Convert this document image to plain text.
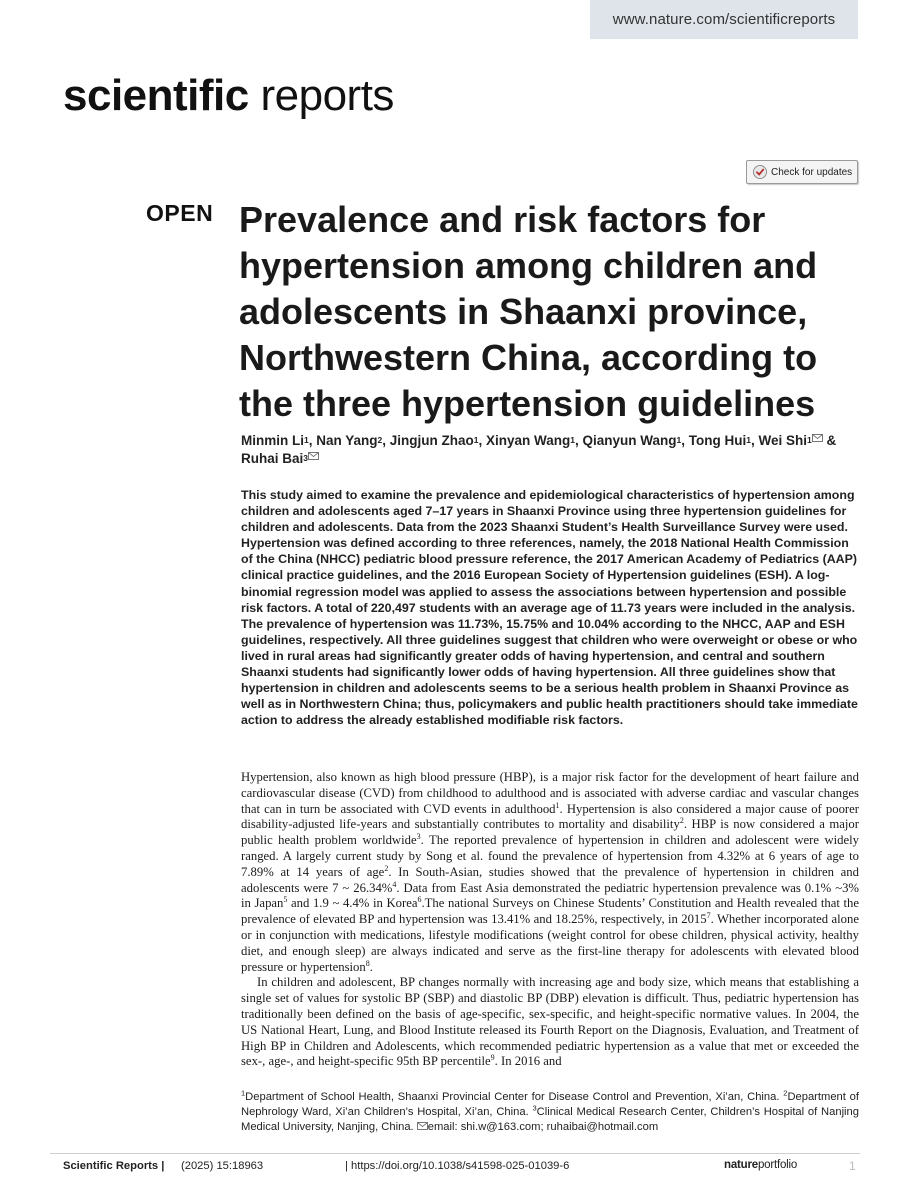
www.nature.com/scientificreports
scientific reports
Check for updates
OPEN Prevalence and risk factors for hypertension among children and adolescents in Shaanxi province, Northwestern China, according to the three hypertension guidelines
Minmin Li$^1$, Nan Yang$^2$, Jingjun Zhao$^1$, Xinyan Wang$^1$, Qianyun Wang$^1$, Tong Hui$^1$, Wei Shi$^1$ & Ruhai Bai$^3$

This study aimed to examine the prevalence and epidemiological characteristics of hypertension among children and adolescents aged 7–17 years in Shaanxi Province using three hypertension guidelines for children and adolescents. Data from the 2023 Shaanxi Student’s Health Surveillance Survey were used. Hypertension was defined according to three references, namely, the 2018 National Health Commission of the China (NHCC) pediatric blood pressure reference, the 2017 American Academy of Pediatrics (AAP) clinical practice guidelines, and the 2016 European Society of Hypertension guidelines (ESH). A log-binomial regression model was applied to assess the associations between hypertension and possible risk factors. A total of 220,497 students with an average age of 11.73 years were included in the analysis. The prevalence of hypertension was 11.73%, 15.75% and 10.04% according to the NHCC, AAP and ESH guidelines, respectively. All three guidelines suggest that children who were overweight or obese or who lived in rural areas had significantly greater odds of having hypertension, and central and southern Shaanxi students had significantly lower odds of having hypertension. All three guidelines show that hypertension in children and adolescents seems to be a serious health problem in Shaanxi Province as well as in Northwestern China; thus, policymakers and public health practitioners should take immediate action to address the already established modifiable risk factors.

Hypertension, also known as high blood pressure (HBP), is a major risk factor for the development of heart failure and cardiovascular disease (CVD) from childhood to adulthood and is associated with adverse cardiac and vascular changes that can in turn be associated with CVD events in adulthood$^1$. Hypertension is also considered a major cause of poorer disability-adjusted life-years and substantially contributes to mortality and disability$^2$. HBP is now considered a major public health problem worldwide$^3$. The reported prevalence of hypertension in children and adolescent were widely ranged. A largely current study by Song et al. found the prevalence of hypertension from 4.32% at 6 years of age to 7.89% at 14 years of age$^2$. In South-Asian, studies showed that the prevalence of hypertension in children and adolescents were 7 ~ 26.34%$^4$. Data from East Asia demonstrated the pediatric hypertension prevalence was 0.1% ~3% in Japan$^5$ and 1.9 ~ 4.4% in Korea$^6$.The national Surveys on Chinese Students’ Constitution and Health revealed that the prevalence of elevated BP and hypertension was 13.41% and 18.25%, respectively, in 2015$^7$. Whether incorporated alone or in conjunction with medications, lifestyle modifications (weight control for obese children, physical activity, healthy diet, and enough sleep) are always indicated and serve as the first-line therapy for adolescents with elevated blood pressure or hypertension$^8$.

In children and adolescent, BP changes normally with increasing age and body size, which means that establishing a single set of values for systolic BP (SBP) and diastolic BP (DBP) elevation is difficult. Thus, pediatric hypertension has traditionally been defined on the basis of age-specific, sex-specific, and height-specific normative values. In 2004, the US National Heart, Lung, and Blood Institute released its Fourth Report on the Diagnosis, Evaluation, and Treatment of High BP in Children and Adolescents, which recommended pediatric hypertension as a value that met or exceeded the sex-, age-, and height-specific 95th BP percentile$^9$. In 2016 and

$^1$Department of School Health, Shaanxi Provincial Center for Disease Control and Prevention, Xi’an, China. $^2$Department of Nephrology Ward, Xi’an Children’s Hospital, Xi’an, China. $^3$Clinical Medical Research Center, Children’s Hospital of Nanjing Medical University, Nanjing, China. email: shi.w@163.com; ruhaibai@hotmail.com
Scientific Reports | (2025) 15:18963	| https://doi.org/10.1038/s41598-025-01039-6	natureportfolio	1
